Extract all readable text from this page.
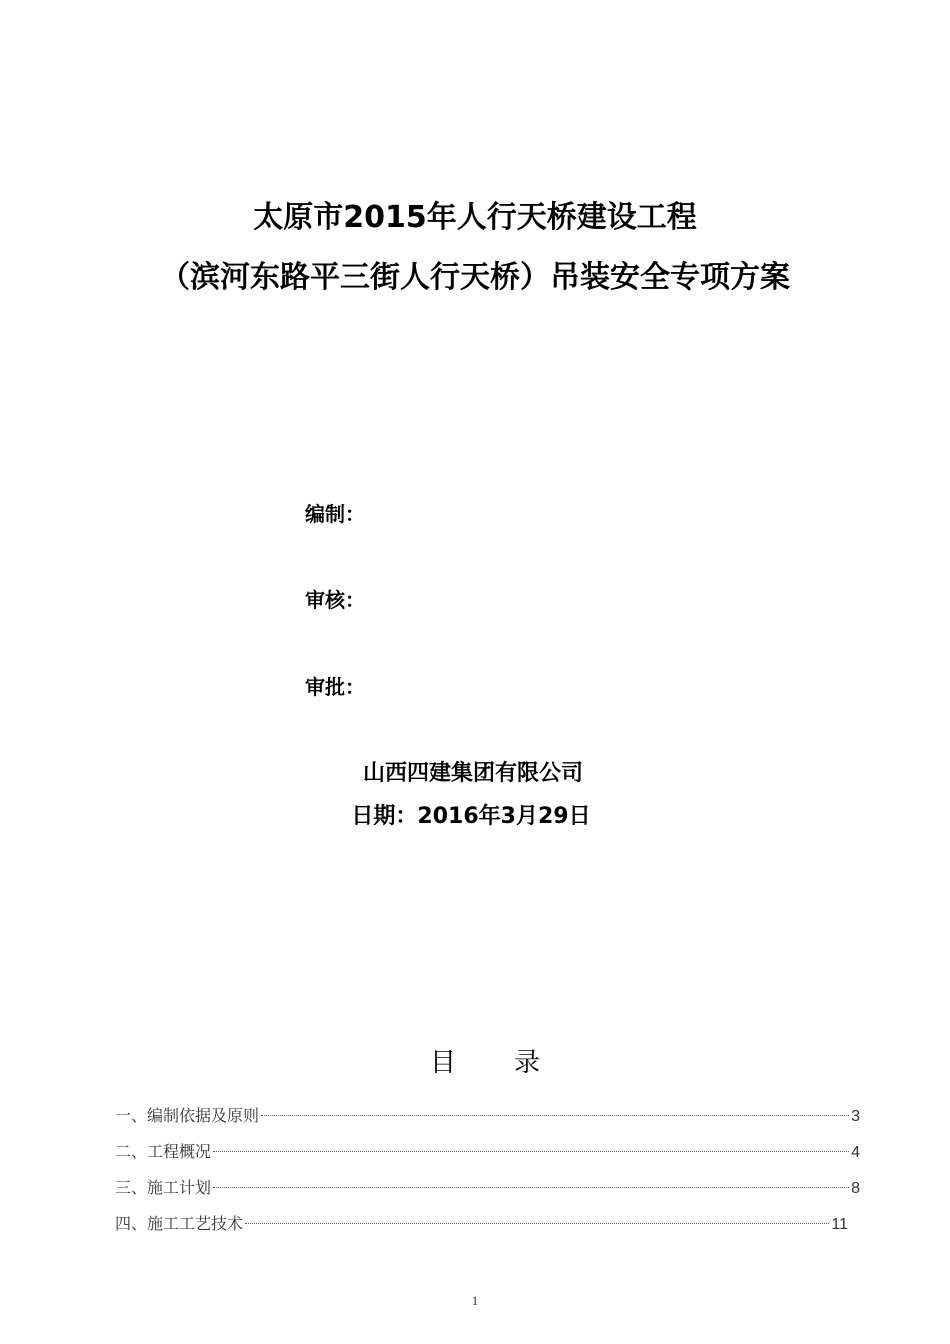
太原市2015年人行天桥建设工程
（滨河东路平三街人行天桥）吊装安全专项方案
编制：
审核：
审批：
山西四建集团有限公司
日期：2016年3月29日
目 录
一、编制依据及原则	3
二、工程概况	4
三、施工计划	8
四、施工工艺技术	11
1
